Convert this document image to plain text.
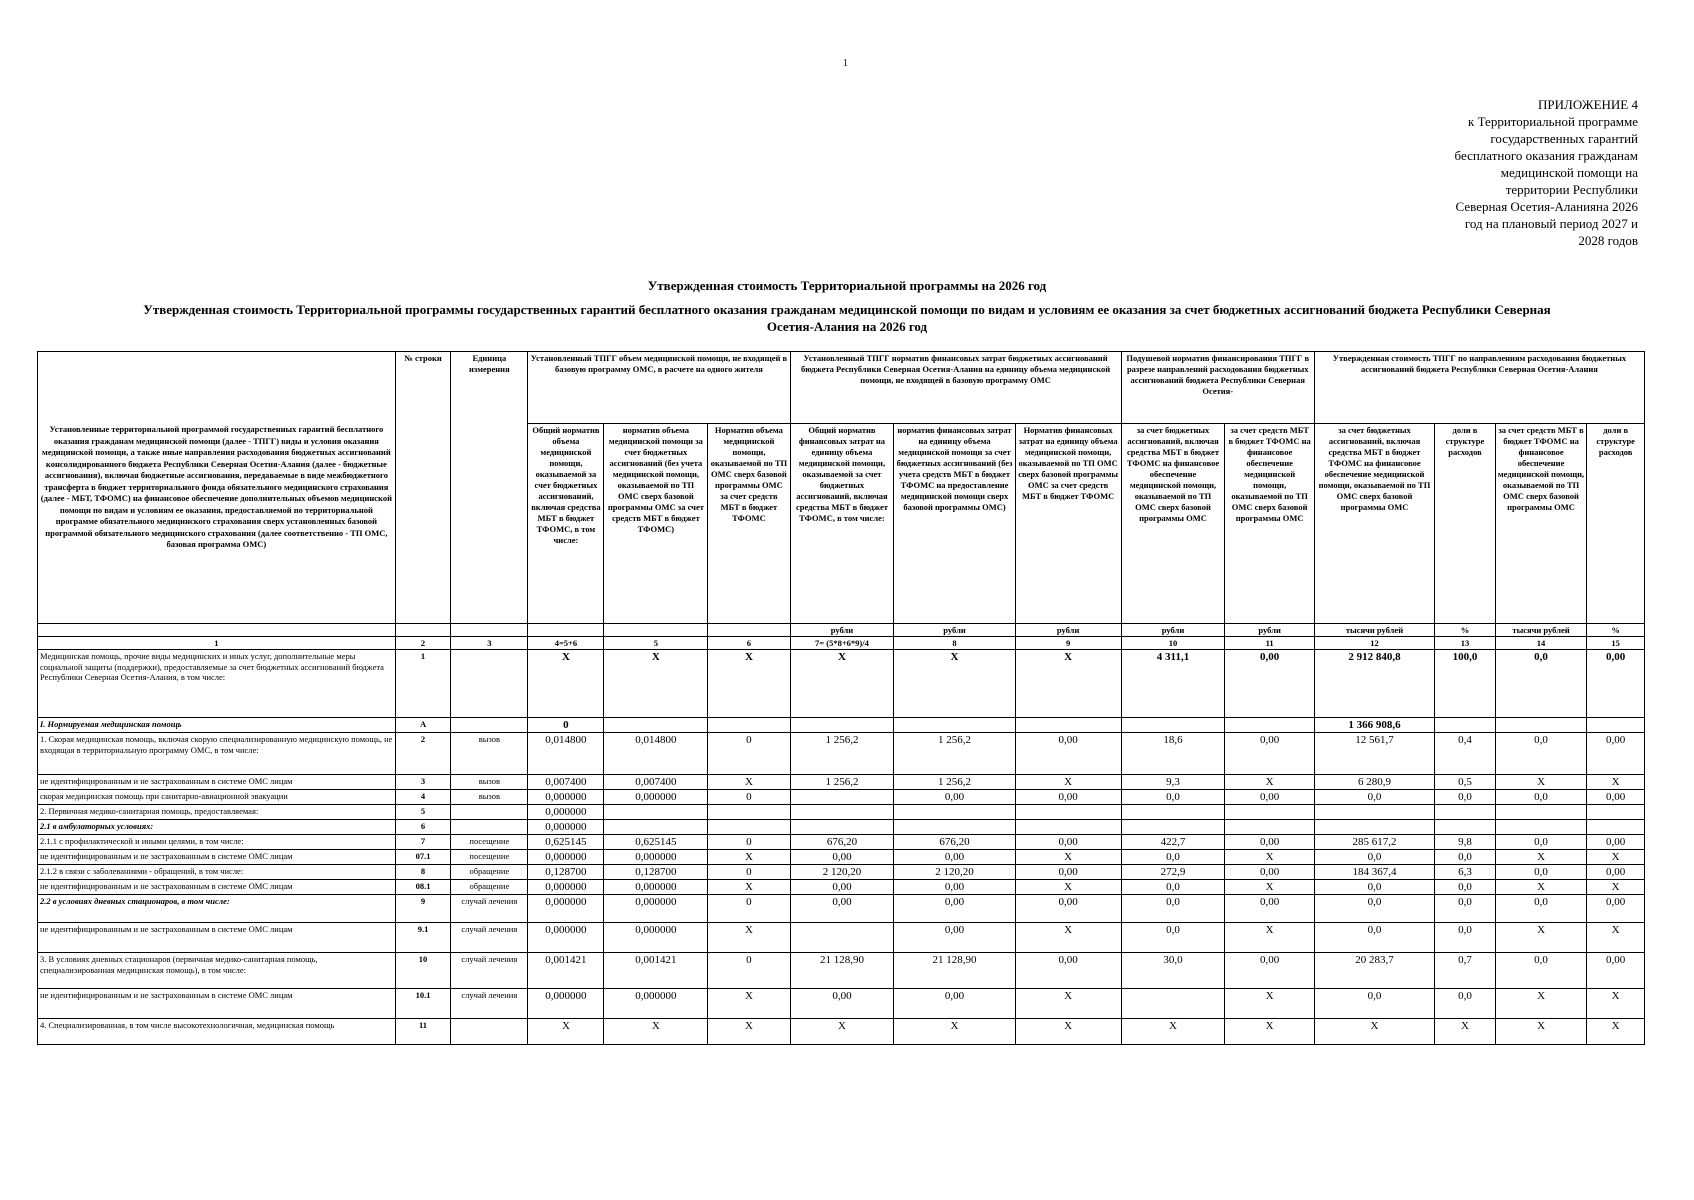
1
ПРИЛОЖЕНИЕ 4
к Территориальной программе
государственных гарантий
бесплатного оказания гражданам
медицинской помощи на
территории Республики
Северная Осетия-Аланияна 2026
год на плановый период 2027 и
2028 годов
Утвержденная стоимость Территориальной программы на 2026 год
Утвержденная стоимость Территориальной программы государственных гарантий бесплатного оказания гражданам медицинской помощи по видам и условиям ее оказания за счет бюджетных ассигнований бюджета Республики Северная Осетия-Алания на 2026 год
Установленные территориальной программой государственных гарантий бесплатного оказания гражданам медицинской помощи (далее - ТПГГ) виды и условия оказания медицинской помощи, а также иные направления расходования бюджетных ассигнований консолидированного бюджета Республики Северная Осетия-Алания (далее - бюджетные ассигнования), включая бюджетные ассигнования, передаваемые в виде межбюджетного трансферта в бюджет территориального фонда обязательного медицинского страхования (далее - МБТ, ТФОМС) на финансовое обеспечение дополнительных объемов медицинской помощи по видам и условиям ее оказания, предоставляемой по территориальной программе обязательного медицинского страхования сверх установленных базовой программой обязательного медицинского страхования (далее соответственно - ТП ОМС, базовая программа ОМС)	№ строки	Единица измерения	Установленный ТПГГ объем медицинской помощи, не входящей в базовую программу ОМС, в расчете на одного жителя			Установленный ТПГГ норматив финансовых затрат бюджетных ассигнований бюджета Республики Северная Осетия-Алания на единицу объема медицинской помощи, не входящей в базовую программу ОМС			Подушевой норматив финансирования ТПГГ в разрезе направлений расходования бюджетных ассигнований бюджета Республики Северная Осетия-		Утвержденная стоимость ТПГГ по направлениям расходования бюджетных ассигнований бюджета Республики Северная Осетия-Алания			
			Общий норматив объема медицинской помощи, оказываемой за счет бюджетных ассигнований, включая средства МБТ в бюджет ТФОМС, в том числе:	норматив объема медицинской помощи за счет бюджетных ассигнований (без учета медицинской помощи, оказываемой по ТП ОМС сверх базовой программы ОМС за счет средств МБТ в бюджет ТФОМС)	Норматив объема медицинской помощи, оказываемой по ТП ОМС сверх базовой программы ОМС за счет средств МБТ в бюджет ТФОМС	Общий норматив финансовых затрат на единицу объема медицинской помощи, оказываемой за счет бюджетных ассигнований, включая средства МБТ в бюджет ТФОМС, в том числе:	норматив финансовых затрат на единицу объема медицинской помощи за счет бюджетных ассигнований (без учета средств МБТ в бюджет ТФОМС на предоставление медицинской помощи сверх базовой программы ОМС)	Норматив финансовых затрат на единицу объема медицинской помощи, оказываемой по ТП ОМС сверх базовой программы ОМС за счет средств МБТ в бюджет ТФОМС	за счет бюджетных ассигнований, включая средства МБТ в бюджет ТФОМС на финансовое обеспечение медицинской помощи, оказываемой по ТП ОМС сверх базовой программы ОМС	за счет средств МБТ в бюджет ТФОМС на финансовое обеспечение медицинской помощи, оказываемой по ТП ОМС сверх базовой программы ОМС	за счет бюджетных ассигнований, включая средства МБТ в бюджет ТФОМС на финансовое обеспечение медицинской помощи, оказываемой по ТП ОМС сверх базовой программы ОМС	доли в структуре расходов	за счет средств МБТ в бюджет ТФОМС на финансовое обеспечение медицинской помощи, оказываемой по ТП ОМС сверх базовой программы ОМС	доли в структуре расходов
						рубли	рубли	рубли	рубли	рубли	тысячи рублей	%	тысячи рублей	%
1	2	3	4=5+6	5	6	7= (5*8+6*9)/4	8	9	10	11	12	13	14	15
Медицинская помощь, прочие виды медицинских и иных услуг, дополнительные меры социальной защиты (поддержки), предоставляемые за счет бюджетных ассигнований бюджета Республики Северная Осетия-Алания, в том числе:	1		X	X	X	X	X	X	4 311,1	0,00	2 912 840,8	100,0	0,0	0,00
I. Нормируемая медицинская помощь	А		0								1 366 908,6			
1. Скорая медицинская помощь, включая скорую специализированную медицинскую помощь, не входящая в территориальную программу ОМС, в том числе:	2	вызов	0,014800	0,014800	0	1 256,2	1 256,2	0,00	18,6	0,00	12 561,7	0,4	0,0	0,00
не идентифицированным и не застрахованным в системе ОМС лицам	3	вызов	0,007400	0,007400	X	1 256,2	1 256,2	X	9,3	X	6 280,9	0,5	X	X
скорая медицинская помощь при санитарно-авиационной эвакуации	4	вызов	0,000000	0,000000	0		0,00	0,00	0,0	0,00	0,0	0,0	0,0	0,00
2. Первичная медико-санитарная помощь, предоставляемая:	5		0,000000											
2.1 в амбулаторных условиях:	6		0,000000											
2.1.1 с профилактической и иными целями, в том числе:	7	посещение	0,625145	0,625145	0	676,20	676,20	0,00	422,7	0,00	285 617,2	9,8	0,0	0,00
не идентифицированным и не застрахованным в системе ОМС лицам	07.1	посещение	0,000000	0,000000	X	0,00	0,00	X	0,0	X	0,0	0,0	X	X
2.1.2 в связи с заболеваниями - обращений, в том числе:	8	обращение	0,128700	0,128700	0	2 120,20	2 120,20	0,00	272,9	0,00	184 367,4	6,3	0,0	0,00
не идентифицированным и не застрахованным в системе ОМС лицам	08.1	обращение	0,000000	0,000000	X	0,00	0,00	X	0,0	X	0,0	0,0	X	X
2.2 в условиях дневных стационаров, в том числе:	9	случай лечения	0,000000	0,000000	0	0,00	0,00	0,00	0,0	0,00	0,0	0,0	0,0	0,00
не идентифицированным и не застрахованным в системе ОМС лицам	9.1	случай лечения	0,000000	0,000000	X		0,00	X	0,0	X	0,0	0,0	X	X
3. В условиях дневных стационаров (первичная медико-санитарная помощь, специализированная медицинская помощь), в том числе:	10	случай лечения	0,001421	0,001421	0	21 128,90	21 128,90	0,00	30,0	0,00	20 283,7	0,7	0,0	0,00
не идентифицированным и не застрахованным в системе ОМС лицам	10.1	случай лечения	0,000000	0,000000	X	0,00	0,00	X		X	0,0	0,0	X	X
4. Специализированная, в том числе высокотехнологичная, медицинская помощь	11		X	X	X	X	X	X	X	X	X	X	X	X
